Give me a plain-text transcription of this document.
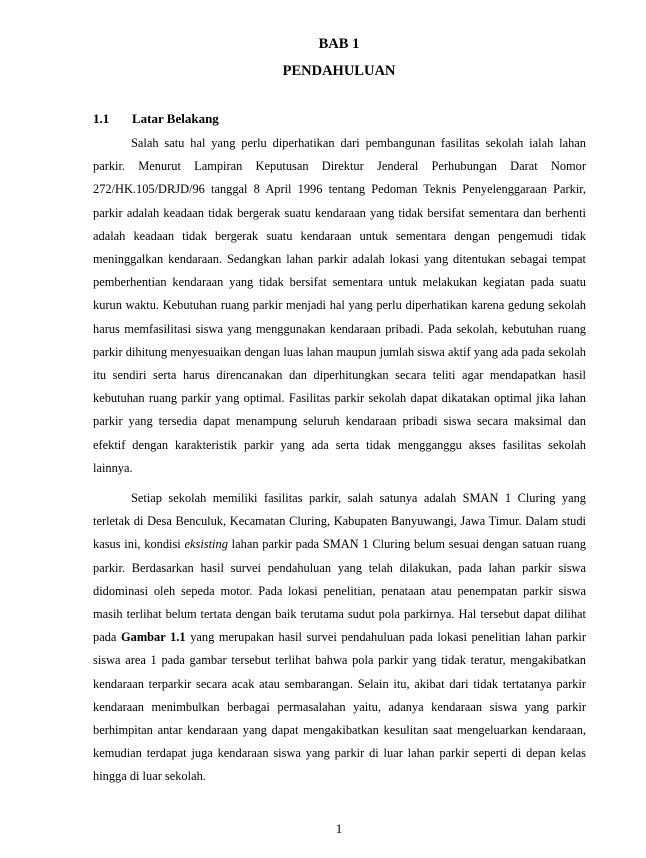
BAB 1
PENDAHULUAN
1.1 Latar Belakang

Salah satu hal yang perlu diperhatikan dari pembangunan fasilitas sekolah ialah lahan parkir. Menurut Lampiran Keputusan Direktur Jenderal Perhubungan Darat Nomor 272/HK.105/DRJD/96 tanggal 8 April 1996 tentang Pedoman Teknis Penyelenggaraan Parkir, parkir adalah keadaan tidak bergerak suatu kendaraan yang tidak bersifat sementara dan berhenti adalah keadaan tidak bergerak suatu kendaraan untuk sementara dengan pengemudi tidak meninggalkan kendaraan. Sedangkan lahan parkir adalah lokasi yang ditentukan sebagai tempat pemberhentian kendaraan yang tidak bersifat sementara untuk melakukan kegiatan pada suatu kurun waktu. Kebutuhan ruang parkir menjadi hal yang perlu diperhatikan karena gedung sekolah harus memfasilitasi siswa yang menggunakan kendaraan pribadi. Pada sekolah, kebutuhan ruang parkir dihitung menyesuaikan dengan luas lahan maupun jumlah siswa aktif yang ada pada sekolah itu sendiri serta harus direncanakan dan diperhitungkan secara teliti agar mendapatkan hasil kebutuhan ruang parkir yang optimal. Fasilitas parkir sekolah dapat dikatakan optimal jika lahan parkir yang tersedia dapat menampung seluruh kendaraan pribadi siswa secara maksimal dan efektif dengan karakteristik parkir yang ada serta tidak mengganggu akses fasilitas sekolah lainnya.

Setiap sekolah memiliki fasilitas parkir, salah satunya adalah SMAN 1 Cluring yang terletak di Desa Benculuk, Kecamatan Cluring, Kabupaten Banyuwangi, Jawa Timur. Dalam studi kasus ini, kondisi eksisting lahan parkir pada SMAN 1 Cluring belum sesuai dengan satuan ruang parkir. Berdasarkan hasil survei pendahuluan yang telah dilakukan, pada lahan parkir siswa didominasi oleh sepeda motor. Pada lokasi penelitian, penataan atau penempatan parkir siswa masih terlihat belum tertata dengan baik terutama sudut pola parkirnya. Hal tersebut dapat dilihat pada Gambar 1.1 yang merupakan hasil survei pendahuluan pada lokasi penelitian lahan parkir siswa area 1 pada gambar tersebut terlihat bahwa pola parkir yang tidak teratur, mengakibatkan kendaraan terparkir secara acak atau sembarangan. Selain itu, akibat dari tidak tertatanya parkir kendaraan menimbulkan berbagai permasalahan yaitu, adanya kendaraan siswa yang parkir berhimpitan antar kendaraan yang dapat mengakibatkan kesulitan saat mengeluarkan kendaraan, kemudian terdapat juga kendaraan siswa yang parkir di luar lahan parkir seperti di depan kelas hingga di luar sekolah.

1
